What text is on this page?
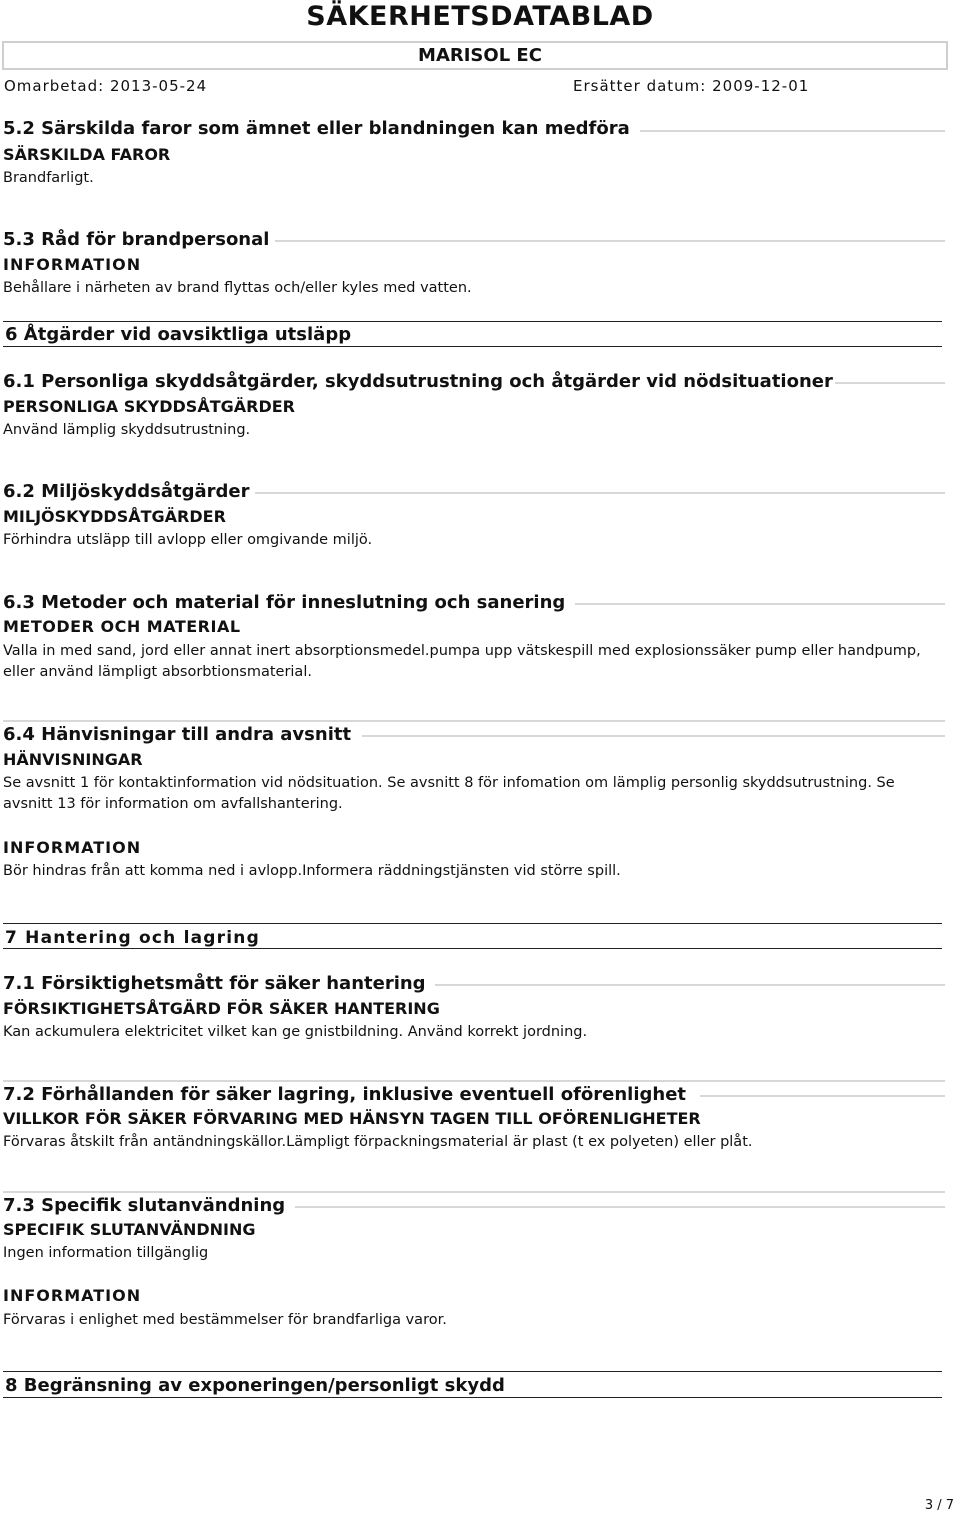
SÄKERHETSDATABLAD
MARISOL EC
Omarbetad: 2013-05-24	Ersätter datum: 2009-12-01
5.2 Särskilda faror som ämnet eller blandningen kan medföra
SÄRSKILDA FAROR
Brandfarligt.
5.3 Råd för brandpersonal
INFORMATION
Behållare i närheten av brand flyttas och/eller kyles med vatten.
6 Åtgärder vid oavsiktliga utsläpp
6.1 Personliga skyddsåtgärder, skyddsutrustning och åtgärder vid nödsituationer
PERSONLIGA SKYDDSÅTGÄRDER
Använd lämplig skyddsutrustning.
6.2 Miljöskyddsåtgärder
MILJÖSKYDDSÅTGÄRDER
Förhindra utsläpp till avlopp eller omgivande miljö.
6.3 Metoder och material för inneslutning och sanering
METODER OCH MATERIAL
Valla in med sand, jord eller annat inert absorptionsmedel.pumpa upp vätskespill med explosionssäker pump eller handpump, eller använd lämpligt absorbtionsmaterial.
6.4 Hänvisningar till andra avsnitt
HÄNVISNINGAR
Se avsnitt 1 för kontaktinformation vid nödsituation. Se avsnitt 8 för infomation om lämplig personlig skyddsutrustning. Se avsnitt 13 för information om avfallshantering.
INFORMATION
Bör hindras från att komma ned i avlopp.Informera räddningstjänsten vid större spill.
7 Hantering och lagring
7.1 Försiktighetsmått för säker hantering
FÖRSIKTIGHETSÅTGÄRD FÖR SÄKER HANTERING
Kan ackumulera elektricitet vilket kan ge gnistbildning. Använd korrekt jordning.
7.2 Förhållanden för säker lagring, inklusive eventuell oförenlighet
VILLKOR FÖR SÄKER FÖRVARING MED HÄNSYN TAGEN TILL OFÖRENLIGHETER
Förvaras åtskilt från antändningskällor.Lämpligt förpackningsmaterial är plast (t ex polyeten) eller plåt.
7.3 Specifik slutanvändning
SPECIFIK SLUTANVÄNDNING
Ingen information tillgänglig
INFORMATION
Förvaras i enlighet med bestämmelser för brandfarliga varor.
8 Begränsning av exponeringen/personligt skydd
3 / 7
